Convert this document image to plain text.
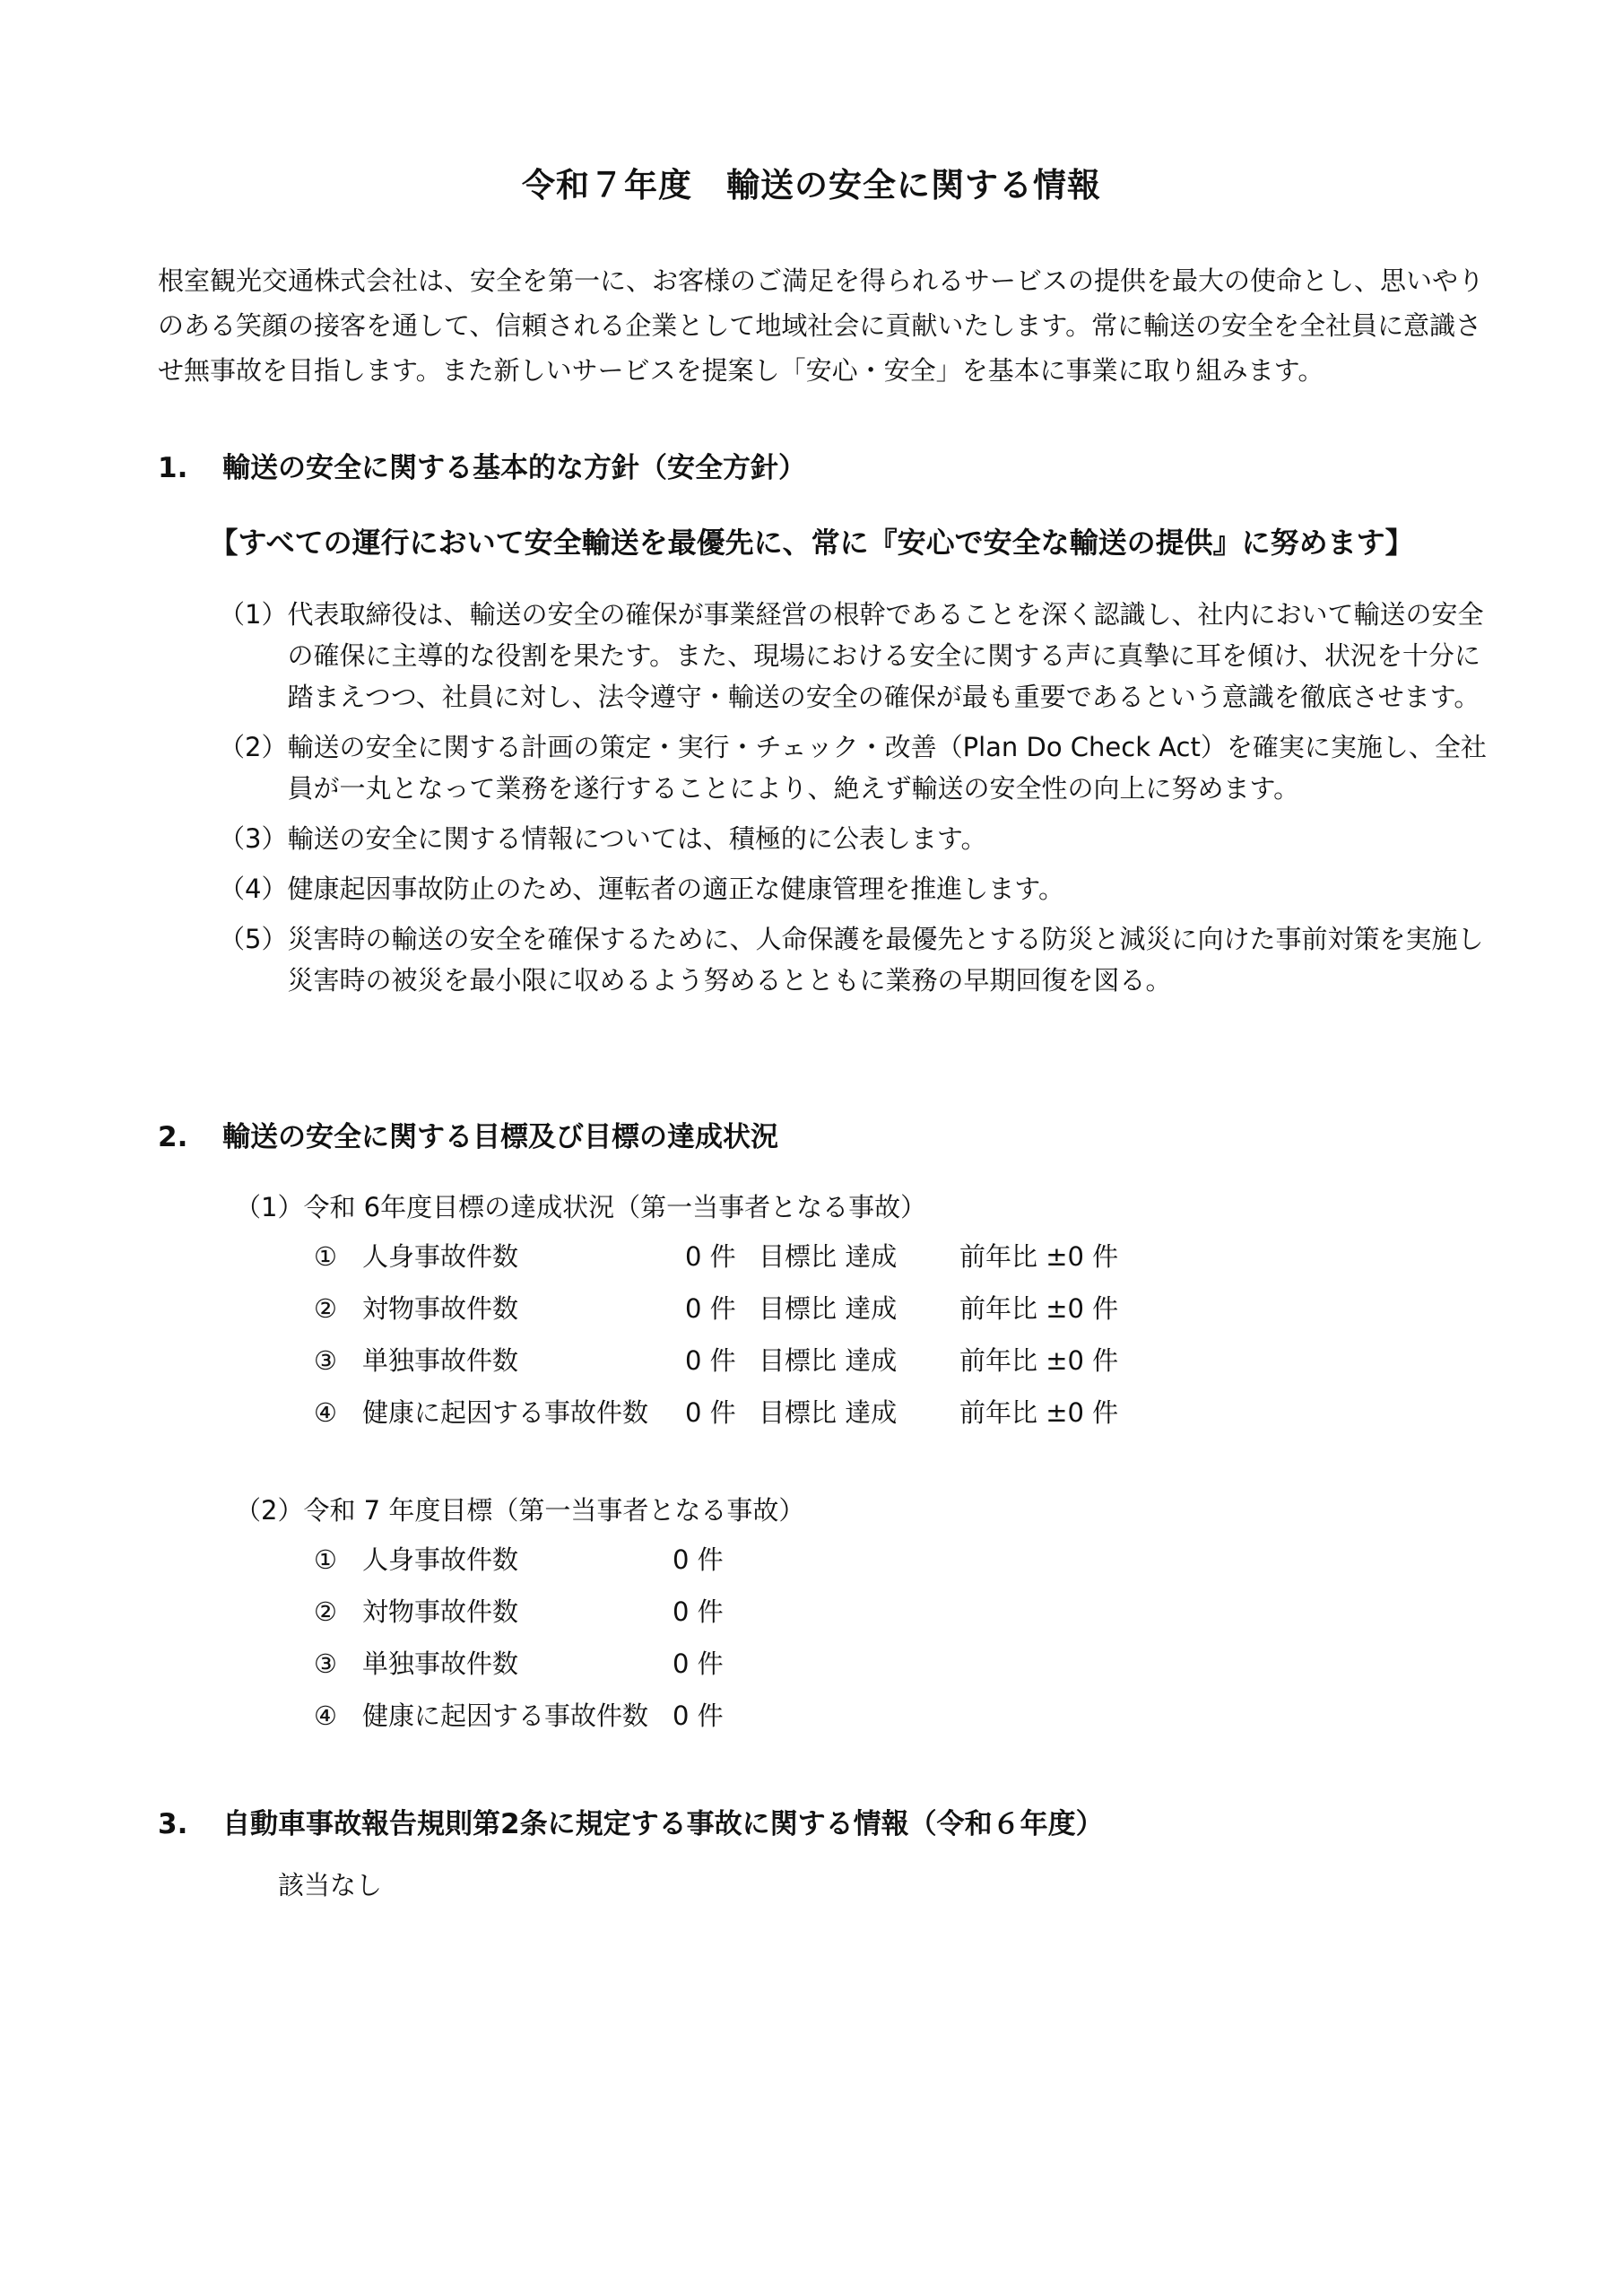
令和７年度　輸送の安全に関する情報
根室観光交通株式会社は、安全を第一に、お客様のご満足を得られるサービスの提供を最大の使命とし、思いやりのある笑顔の接客を通して、信頼される企業として地域社会に貢献いたします。常に輸送の安全を全社員に意識させ無事故を目指します。また新しいサービスを提案し「安心・安全」を基本に事業に取り組みます。
1. 輸送の安全に関する基本的な方針（安全方針）
【すべての運行において安全輸送を最優先に、常に『安心で安全な輸送の提供』に努めます】
（1） 代表取締役は、輸送の安全の確保が事業経営の根幹であることを深く認識し、社内において輸送の安全の確保に主導的な役割を果たす。また、現場における安全に関する声に真摯に耳を傾け、状況を十分に踏まえつつ、社員に対し、法令遵守・輸送の安全の確保が最も重要であるという意識を徹底させます。
（2） 輸送の安全に関する計画の策定・実行・チェック・改善（Plan Do Check Act）を確実に実施し、全社員が一丸となって業務を遂行することにより、絶えず輸送の安全性の向上に努めます。
（3） 輸送の安全に関する情報については、積極的に公表します。
（4） 健康起因事故防止のため、運転者の適正な健康管理を推進します。
（5） 災害時の輸送の安全を確保するために、人命保護を最優先とする防災と減災に向けた事前対策を実施し災害時の被災を最小限に収めるよう努めるとともに業務の早期回復を図る。
2. 輸送の安全に関する目標及び目標の達成状況
（1）令和 6年度目標の達成状況（第一当事者となる事故）
① 人身事故件数	0 件 目標比 達成 前年比 ±0 件
② 対物事故件数	0 件 目標比 達成 前年比 ±0 件
③ 単独事故件数	0 件 目標比 達成 前年比 ±0 件
④ 健康に起因する事故件数 0 件 目標比 達成 前年比 ±0 件
（2）令和 7 年度目標（第一当事者となる事故）
① 人身事故件数	0 件
② 対物事故件数	0 件
③ 単独事故件数	0 件
④ 健康に起因する事故件数 0 件
3. 自動車事故報告規則第2条に規定する事故に関する情報（令和６年度）
該当なし
